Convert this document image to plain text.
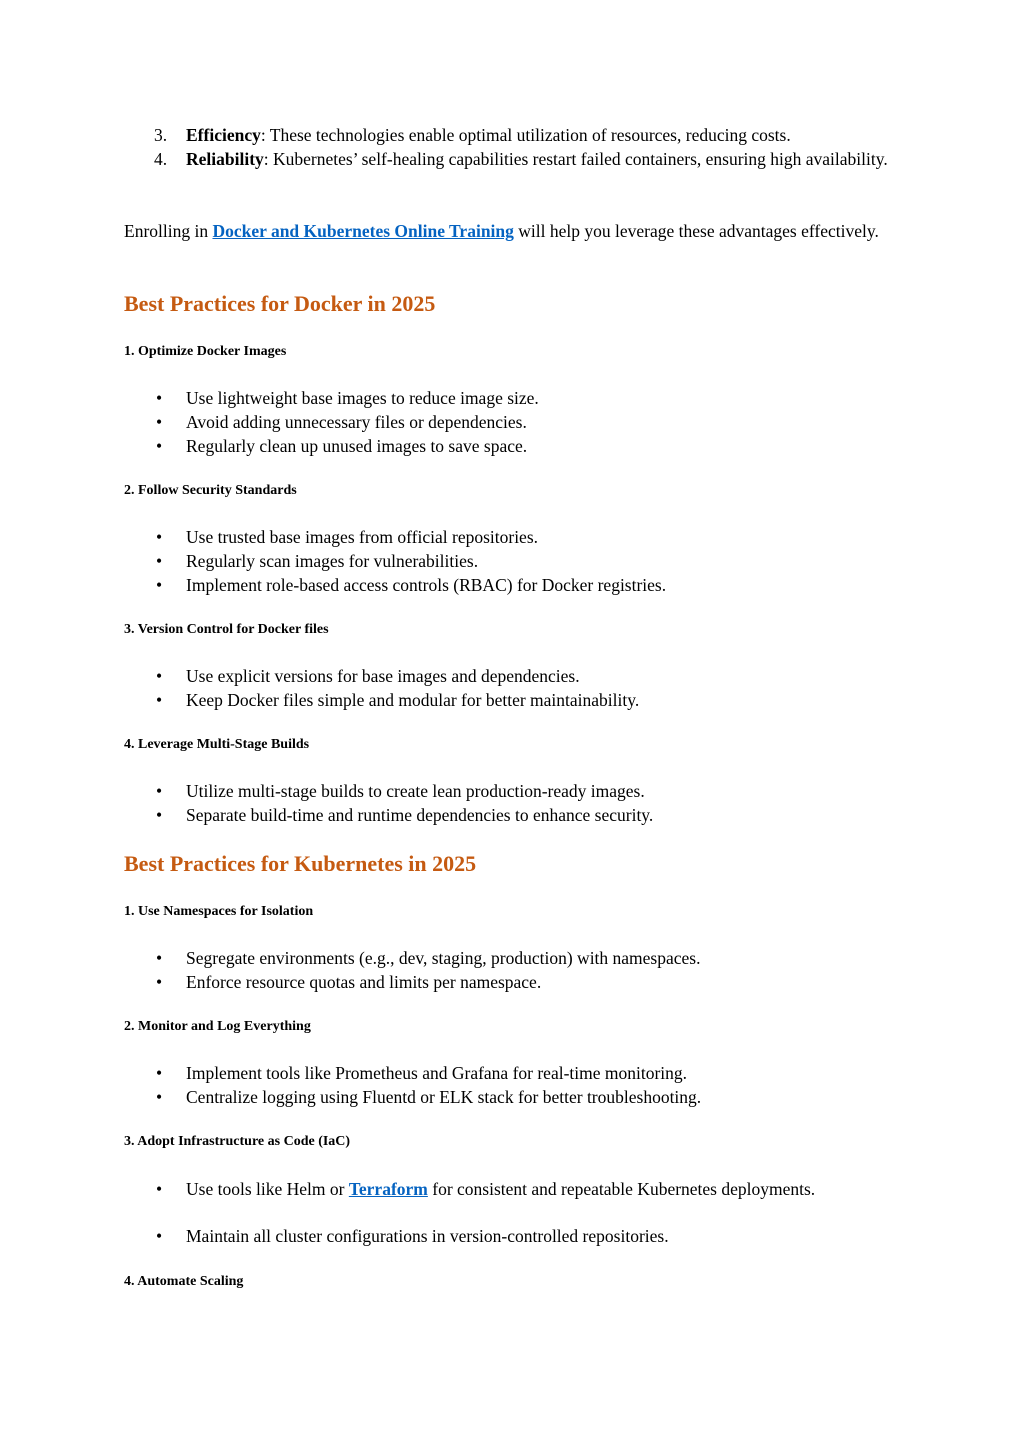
3. Efficiency: These technologies enable optimal utilization of resources, reducing costs.
4. Reliability: Kubernetes’ self-healing capabilities restart failed containers, ensuring high availability.
Enrolling in Docker and Kubernetes Online Training will help you leverage these advantages effectively.
Best Practices for Docker in 2025
1. Optimize Docker Images
• Use lightweight base images to reduce image size.
• Avoid adding unnecessary files or dependencies.
• Regularly clean up unused images to save space.
2. Follow Security Standards
• Use trusted base images from official repositories.
• Regularly scan images for vulnerabilities.
• Implement role-based access controls (RBAC) for Docker registries.
3. Version Control for Docker files
• Use explicit versions for base images and dependencies.
• Keep Docker files simple and modular for better maintainability.
4. Leverage Multi-Stage Builds
• Utilize multi-stage builds to create lean production-ready images.
• Separate build-time and runtime dependencies to enhance security.
Best Practices for Kubernetes in 2025
1. Use Namespaces for Isolation
• Segregate environments (e.g., dev, staging, production) with namespaces.
• Enforce resource quotas and limits per namespace.
2. Monitor and Log Everything
• Implement tools like Prometheus and Grafana for real-time monitoring.
• Centralize logging using Fluentd or ELK stack for better troubleshooting.
3. Adopt Infrastructure as Code (IaC)
• Use tools like Helm or Terraform for consistent and repeatable Kubernetes deployments.
• Maintain all cluster configurations in version-controlled repositories.
4. Automate Scaling
